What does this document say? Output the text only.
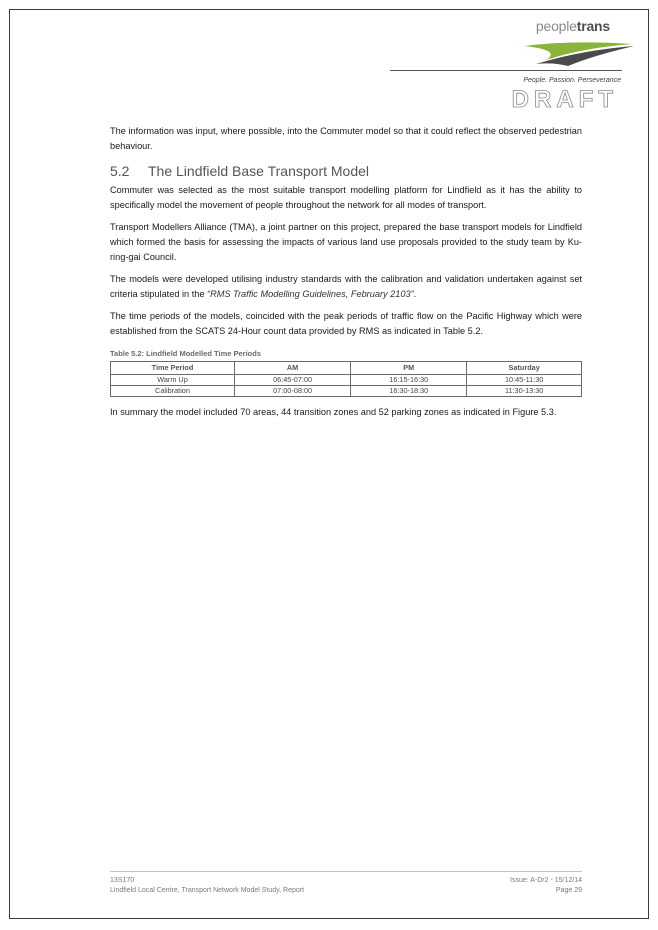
peopletrans
People. Passion. Perseverance
DRAFT

The information was input, where possible, into the Commuter model so that it could reflect the observed pedestrian behaviour.

5.2 The Lindfield Base Transport Model

Commuter was selected as the most suitable transport modelling platform for Lindfield as it has the ability to specifically model the movement of people throughout the network for all modes of transport.

Transport Modellers Alliance (TMA), a joint partner on this project, prepared the base transport models for Lindfield which formed the basis for assessing the impacts of various land use proposals provided to the study team by Ku-ring-gai Council.

The models were developed utilising industry standards with the calibration and validation undertaken against set criteria stipulated in the “RMS Traffic Modelling Guidelines, February 2103”.

The time periods of the models, coincided with the peak periods of traffic flow on the Pacific Highway which were established from the SCATS 24-Hour count data provided by RMS as indicated in Table 5.2.

Table 5.2: Lindfield Modelled Time Periods
Time Period	AM	PM	Saturday
Warm Up	06:45-07:00	16:15-16:30	10:45-11:30
Calibration	07:00-08:00	16:30-18:30	11:30-13:30

In summary the model included 70 areas, 44 transition zones and 52 parking zones as indicated in Figure 5.3.

13S170	Issue: A-Dr2 - 15/12/14
Lindfield Local Centre, Transport Network Model Study, Report	Page 29
